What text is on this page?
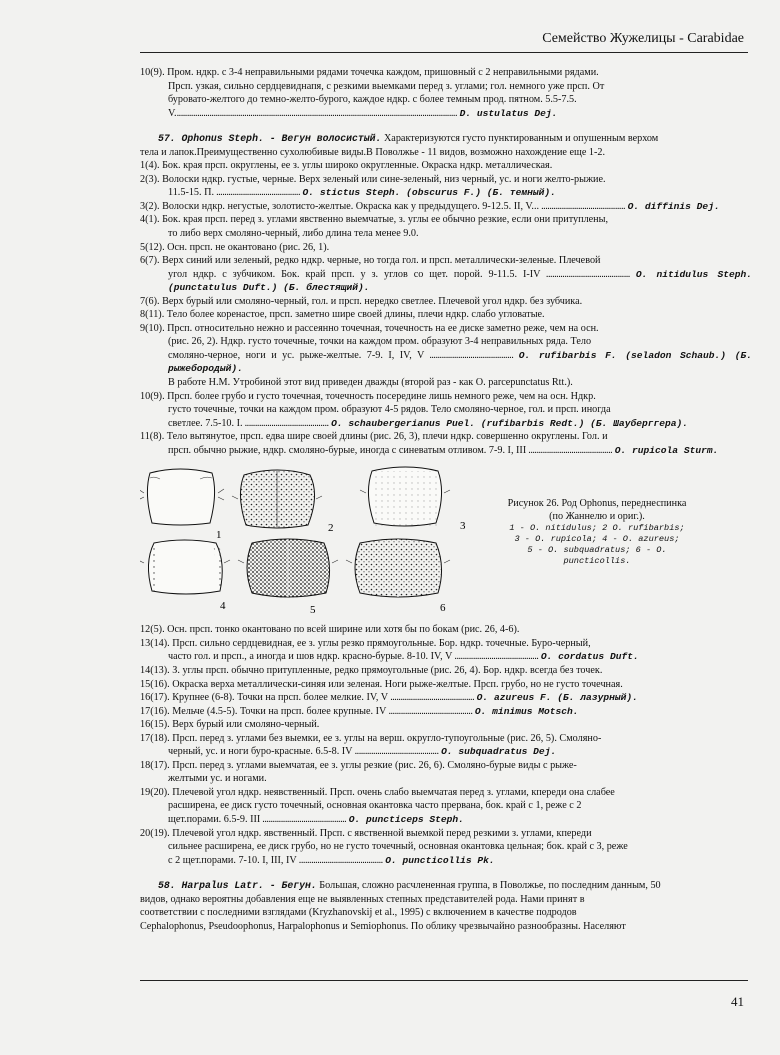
Семейство Жужелицы - Carabidae
10(9). Пром. ндкр. с 3-4 неправильными рядами точечка каждом, пришовный с 2 неправильными рядами.
Прсп. узкая, сильно сердцевиднапя, с резкими выемками перед з. углами; гол. немного уже прсп. От
буровато-желтого до темно-желто-бурого, каждое ндкр. с более темным прод. пятном. 5.5-7.5.
V.......................................................................................................................................... D. ustulatus Dej.
57. Ophonus Steph. - Вегун волосистый. Характеризуются густо пунктированным и опушенным верхом
тела и лапок.Преимущественно сухолюбивые виды.В Поволжье - 11 видов, возможно нахождение еще 1-2.
1(4). Бок. края прсп. округлены, ее з. углы широко округленные. Окраска ндкр. металлическая.
2(3). Волоски ндкр. густые, черные. Верх зеленый или сине-зеленый, низ черный, ус. и ноги желто-рыжие.
11.5-15. П. ......................................... O. stictus Steph. (obscurus F.) (Б. темный).
3(2). Волоски ндкр. негустые, золотисто-желтые. Окраска как у предыдущего. 9-12.5. II, V... ......................................... O. diffinis Dej.
4(1). Бок. края прсп. перед з. углами явственно выемчатые, з. углы ее обычно резкие, если они притуплены,
то либо верх смоляно-черный, либо длина тела менее 9.0.
5(12). Осн. прсп. не окантовано (рис. 26, 1).
6(7). Верх синий или зеленый, редко ндкр. черные, но тогда гол. и прсп. металлически-зеленые. Плечевой
угол ндкр. с зубчиком. Бок. край прсп. у з. углов со щет. порой. 9-11.5. I-IV ......................................... O. nitidulus Steph. (punctatulus Duft.) (Б. блестящий).
7(6). Верх бурый или смоляно-черный, гол. и прсп. нередко светлее. Плечевой угол ндкр. без зубчика.
8(11). Тело более коренастое, прсп. заметно шире своей длины, плечи ндкр. слабо угловатые.
9(10). Прсп. относительно нежно и рассеянно точечная, точечность на ее диске заметно реже, чем на осн.
(рис. 26, 2). Ндкр. густо точечные, точки на каждом пром. образуют 3-4 неправильных ряда. Тело
смоляно-черное, ноги и ус. рыже-желтые. 7-9. I, IV, V ......................................... O. rufibarbis F. (seladon Schaub.) (Б. рыжебородый).
В работе Н.М. Утробиной этот вид приведен дважды (второй раз - как O. parcepunctatus Rtt.).
10(9). Прсп. более грубо и густо точечная, точечность посередине лишь немного реже, чем на осн. Ндкр.
густо точечные, точки на каждом пром. образуют 4-5 рядов. Тело смоляно-черное, гол. и прсп. иногда
светлее. 7.5-10. I. ......................................... O. schaubergerianus Puel. (rufibarbis Redt.) (Б. Шауберггера).
11(8). Тело вытянутое, прсп. едва шире своей длины (рис. 26, 3), плечи ндкр. совершенно округлены. Гол. и
прсп. обычно рыжие, ндкр. смоляно-бурые, иногда с синеватым отливом. 7-9. I, III ......................................... O. rupicola Sturm.
1
2	3
4	5	6
Рисунок 26. Род Ophonus, переднеспинка
(по Жаннелю и ориг.).
1 - O. nitidulus; 2 O. rufibarbis;
3 - O. rupicola; 4 - O. azureus;
5 - O. subquadratus; 6 - O. puncticollis.
12(5). Осн. прсп. тонко окантовано по всей ширине или хотя бы по бокам (рис. 26, 4-6).
13(14). Прсп. сильно сердцевидная, ее з. углы резко прямоугольные. Бор. ндкр. точечные. Буро-черный,
часто гол. и прсп., а иногда и шов ндкр. красно-бурые. 8-10. IV, V ......................................... O. cordatus Duft.
14(13). З. углы прсп. обычно притупленные, редко прямоугольные (рис. 26, 4). Бор. ндкр. всегда без точек.
15(16). Окраска верха металлически-синяя или зеленая. Ноги рыже-желтые. Прсп. грубо, но не густо точечная.
16(17). Крупнее (6-8). Точки на прсп. более мелкие. IV, V ......................................... O. azureus F. (Б. лазурный).
17(16). Мельче (4.5-5). Точки на прсп. более крупные. IV ......................................... O. minimus Motsch.
16(15). Верх бурый или смоляно-черный.
17(18). Прсп. перед з. углами без выемки, ее з. углы на верш. округло-тупоугольные (рис. 26, 5). Смоляно-
черный, ус. и ноги буро-красные. 6.5-8. IV ......................................... O. subquadratus Dej.
18(17). Прсп. перед з. углами выемчатая, ее з. углы резкие (рис. 26, 6). Смоляно-бурые виды с рыже-
желтыми ус. и ногами.
19(20). Плечевой угол ндкр. неявственный. Прсп. очень слабо выемчатая перед з. углами, кпереди она слабее
расширена, ее диск густо точечный, основная окантовка часто прервана, бок. край с 1, реже с 2
щет.порами. 6.5-9. III ......................................... O. puncticeps Steph.
20(19). Плечевой угол ндкр. явственный. Прсп. с явственной выемкой перед резкими з. углами, кпереди
сильнее расширена, ее диск грубо, но не густо точечный, основная окантовка цельная; бок. край с 3, реже
с 2 щет.порами. 7-10. I, III, IV ......................................... O. puncticollis Pk.
58. Harpalus Latr. - Бегун. Большая, сложно расчлененная группа, в Поволжье, по последним данным, 50
видов, однако вероятны добавления еще не выявленных степных представителей рода. Нами принят в
соответствии с последними взглядами (Kryzhanovskij et al., 1995) с включением в качестве подродов
Cephalophonus, Pseudoophonus, Harpalophonus и Semiophonus. По облику чрезвычайно разнообразны. Населяют
41
